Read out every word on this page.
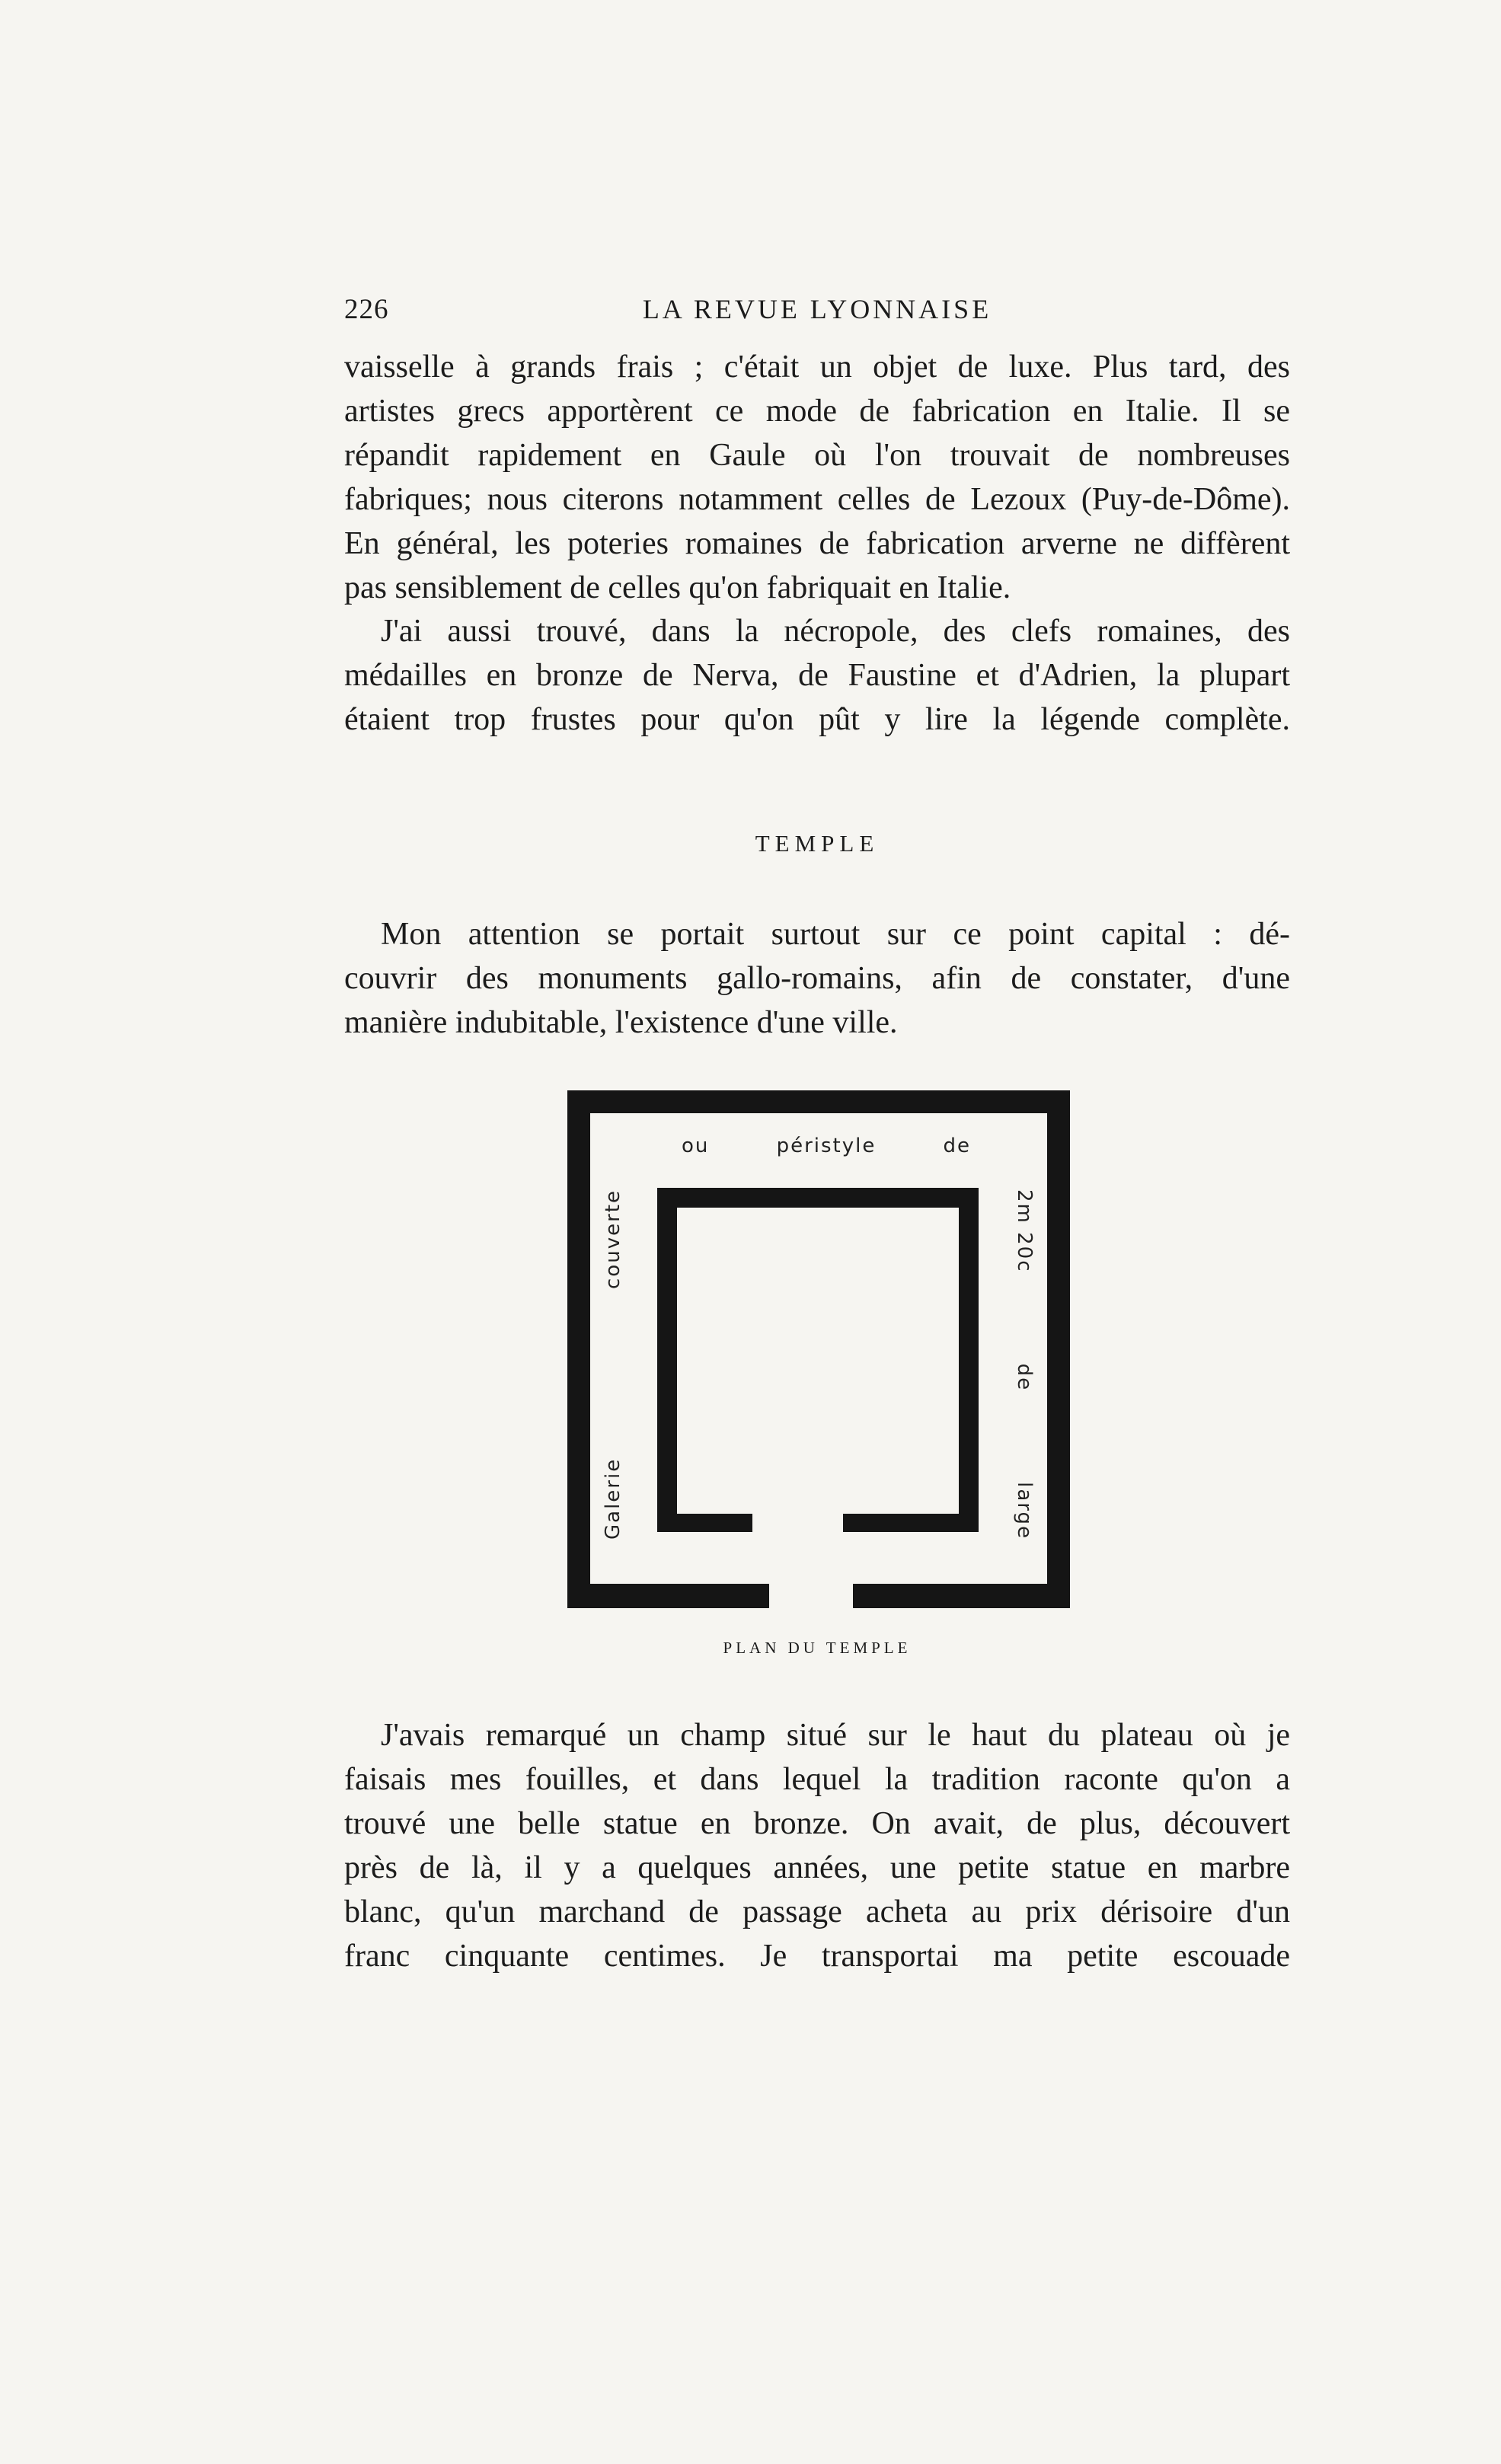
226	LA REVUE LYONNAISE
vaisselle à grands frais ; c'était un objet de luxe. Plus tard, des
artistes grecs apportèrent ce mode de fabrication en Italie. Il se
répandit rapidement en Gaule où l'on trouvait de nombreuses
fabriques; nous citerons notamment celles de Lezoux (Puy-de-Dôme).
En général, les poteries romaines de fabrication arverne ne diffèrent
pas sensiblement de celles qu'on fabriquait en Italie.
J'ai aussi trouvé, dans la nécropole, des clefs romaines, des
médailles en bronze de Nerva, de Faustine et d'Adrien, la plupart
étaient trop frustes pour qu'on pût y lire la légende complète.
TEMPLE
Mon attention se portait surtout sur ce point capital : dé-
couvrir des monuments gallo-romains, afin de constater, d'une
manière indubitable, l'existence d'une ville.
ou	péristyle	de
Galerie
couverte	2m 20c
de
large
PLAN DU TEMPLE
J'avais remarqué un champ situé sur le haut du plateau où je
faisais mes fouilles, et dans lequel la tradition raconte qu'on a
trouvé une belle statue en bronze. On avait, de plus, découvert
près de là, il y a quelques années, une petite statue en marbre
blanc, qu'un marchand de passage acheta au prix dérisoire d'un
franc cinquante centimes. Je transportai ma petite escouade
